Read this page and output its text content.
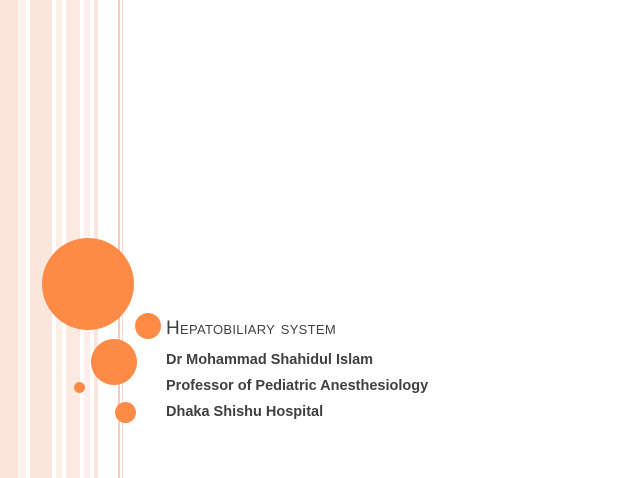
Hepatobiliary system

Dr Mohammad Shahidul Islam

Professor of Pediatric Anesthesiology

Dhaka Shishu Hospital
